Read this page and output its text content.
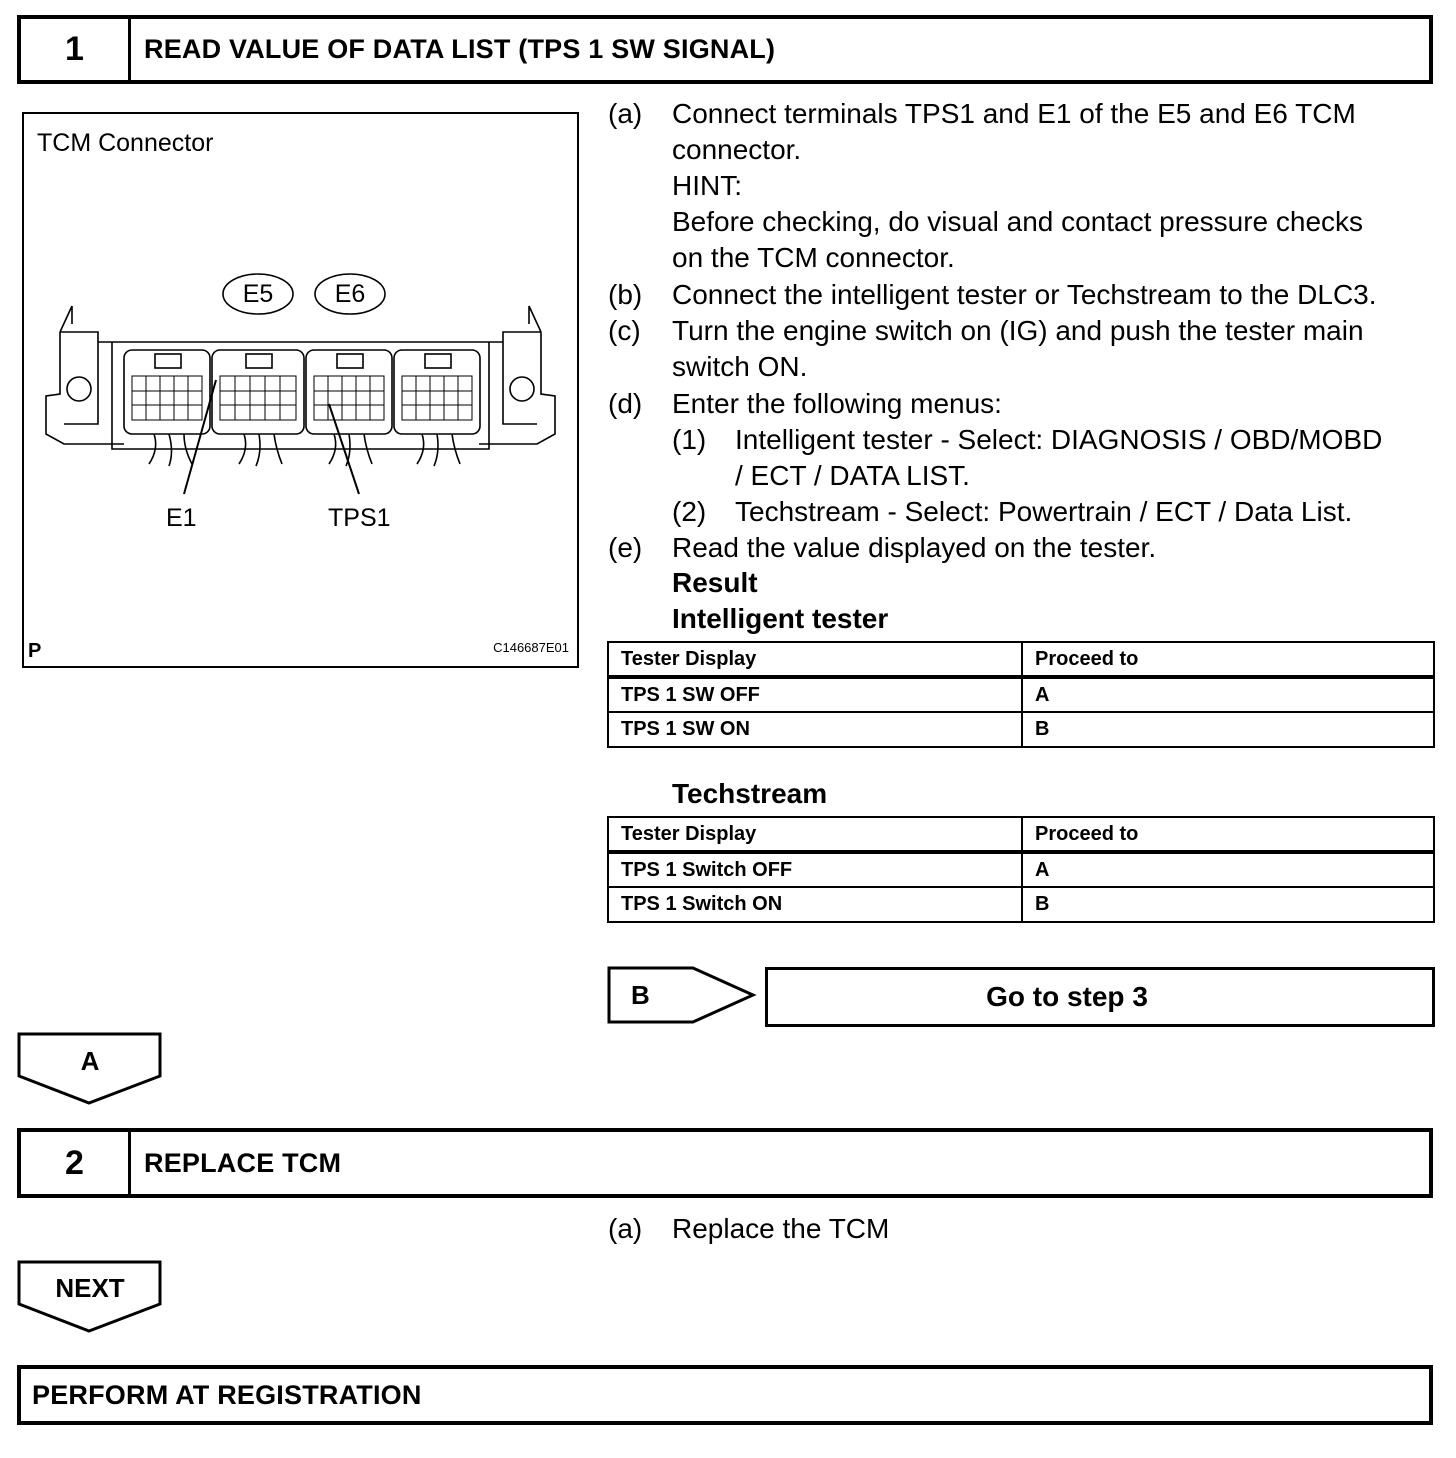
1	READ VALUE OF DATA LIST (TPS 1 SW SIGNAL)
TCM Connector
E5 E6
E1	TPS1
P	C146687E01
(a) Connect terminals TPS1 and E1 of the E5 and E6 TCM
connector.
HINT:
Before checking, do visual and contact pressure checks
on the TCM connector.
(b) Connect the intelligent tester or Techstream to the DLC3.
(c) Turn the engine switch on (IG) and push the tester main
switch ON.
(d) Enter the following menus:
(1) Intelligent tester - Select: DIAGNOSIS / OBD/MOBD
/ ECT / DATA LIST.
(2) Techstream - Select: Powertrain / ECT / Data List.
(e) Read the value displayed on the tester.
Result
Intelligent tester
Tester Display	Proceed to
TPS 1 SW OFF	A
TPS 1 SW ON	B
Techstream
Tester Display	Proceed to
TPS 1 Switch OFF	A
TPS 1 Switch ON	B
B	Go to step 3
A
2	REPLACE TCM
(a) Replace the TCM
NEXT
PERFORM AT REGISTRATION
